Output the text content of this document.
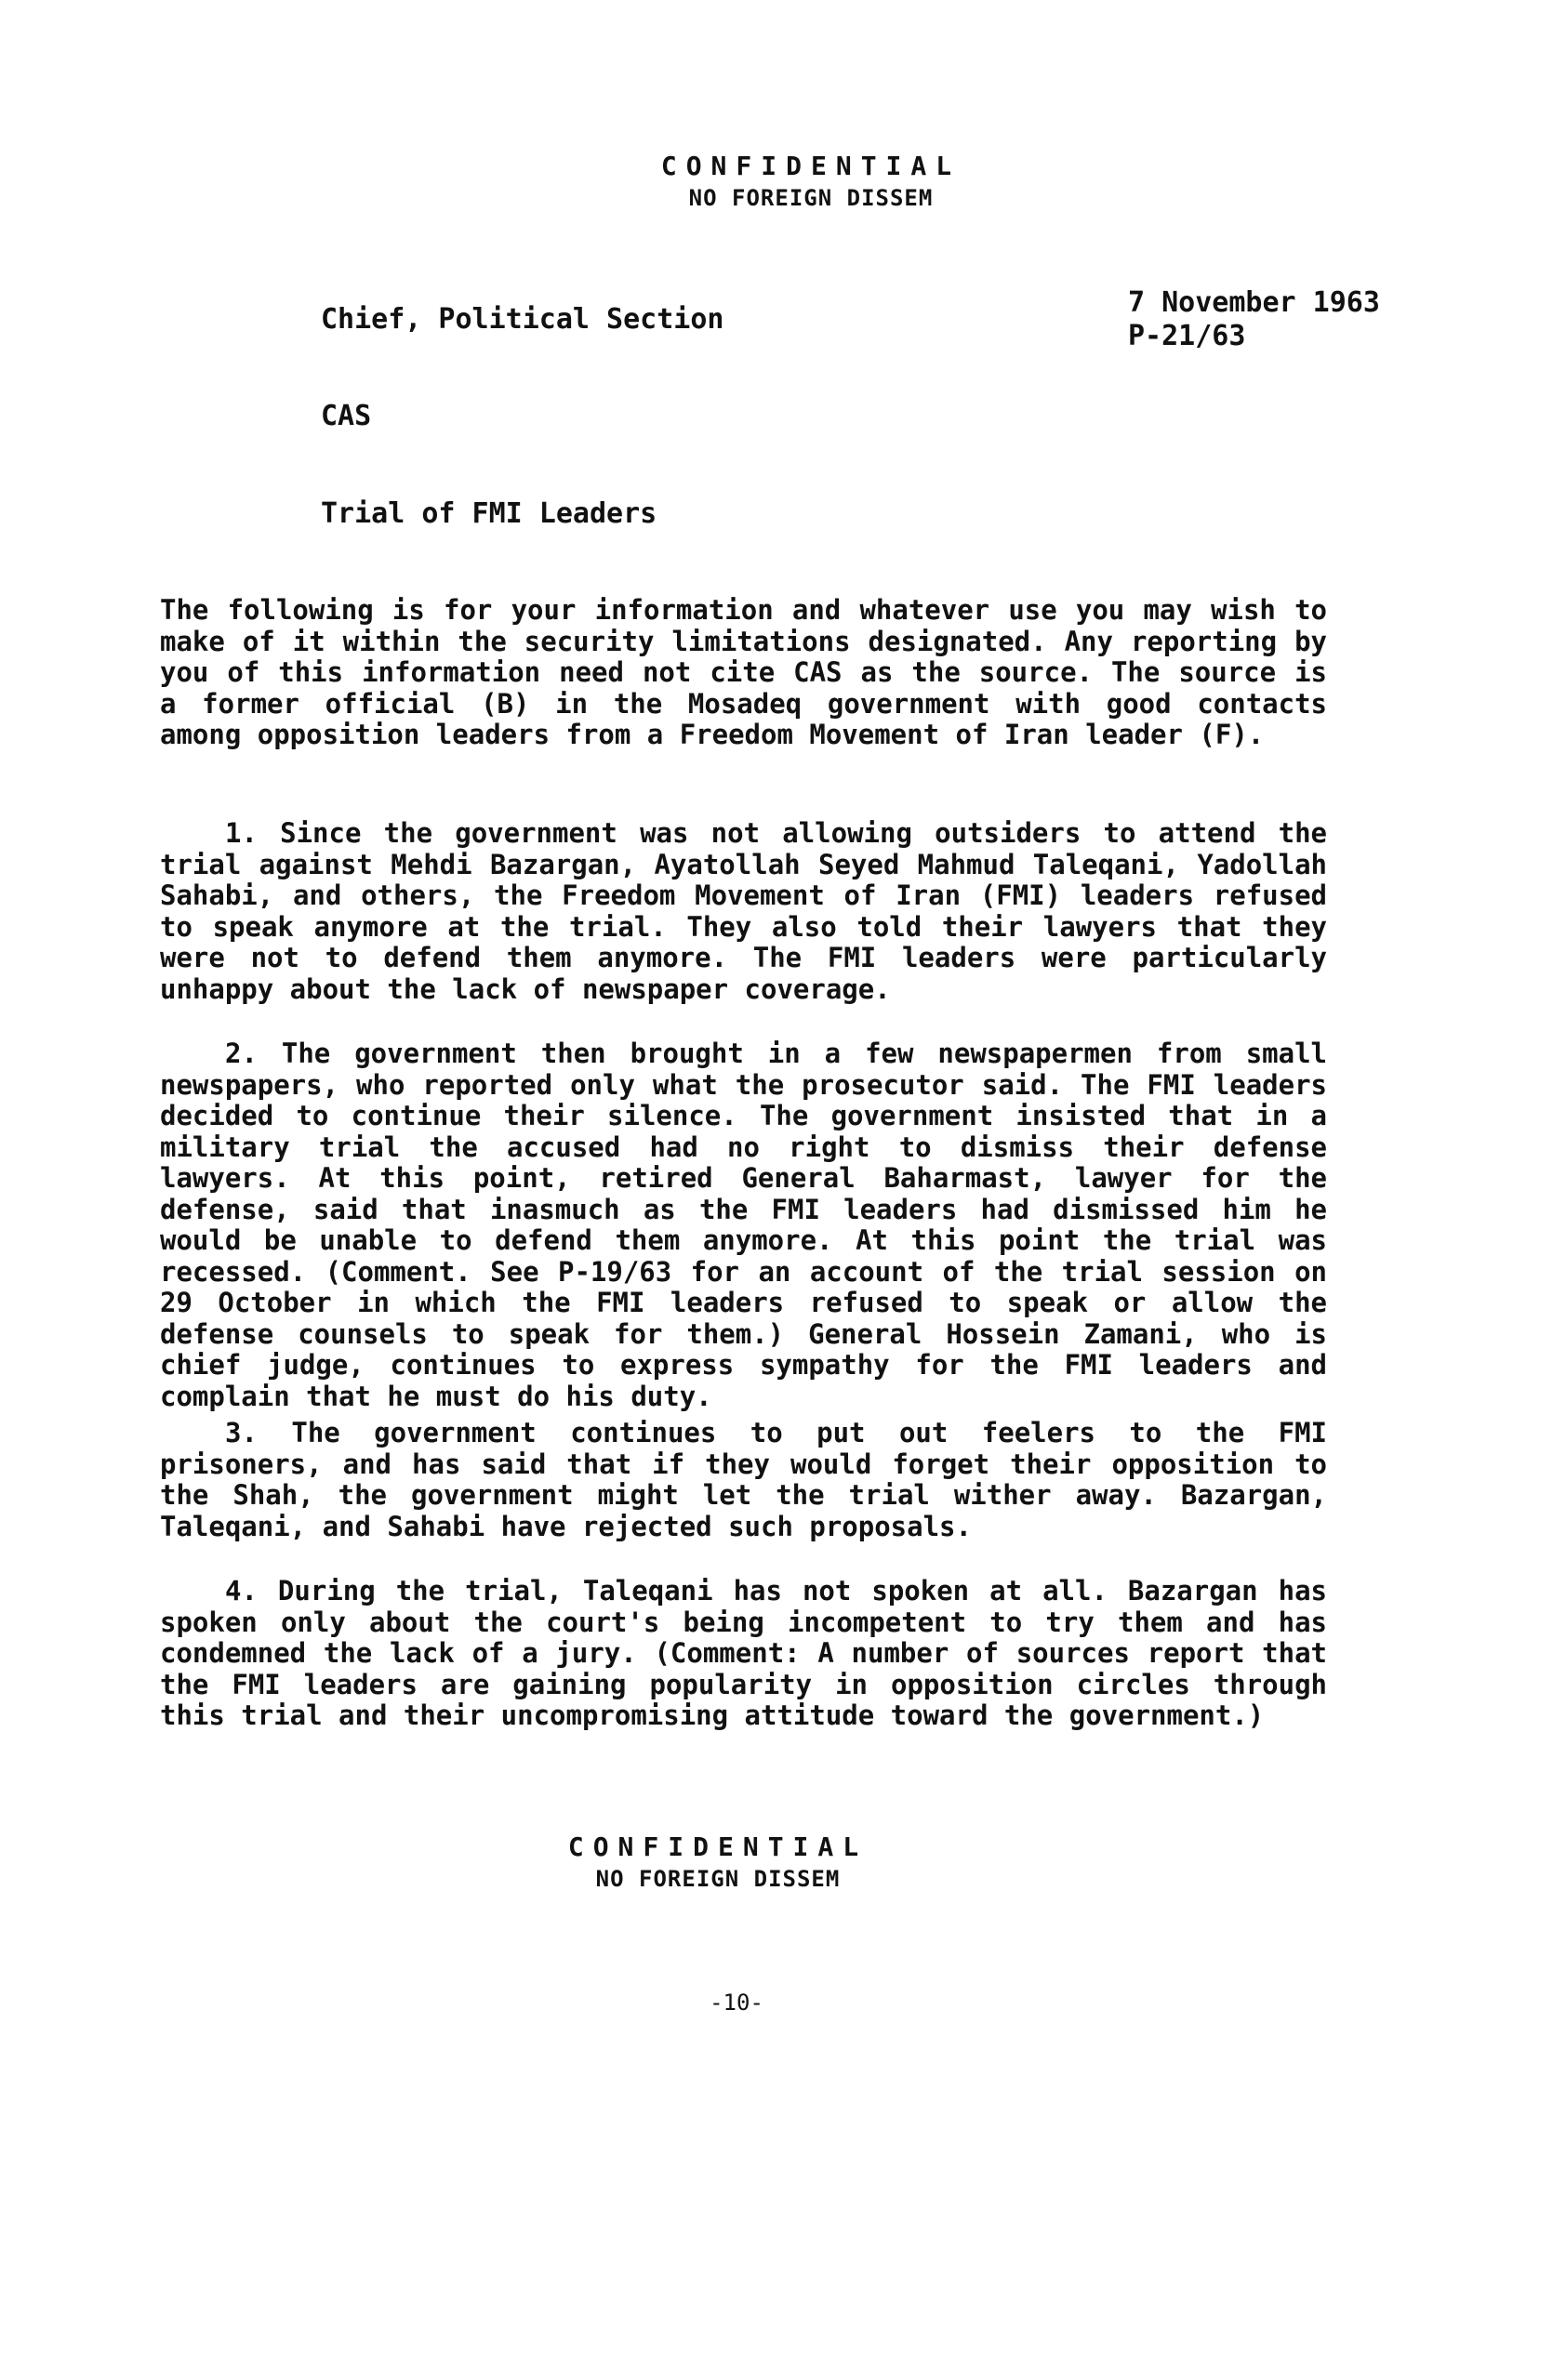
CONFIDENTIAL
NO FOREIGN DISSEM
Chief, Political Section
7 November 1963
P-21/63
CAS
Trial of FMI Leaders

The following is for your information and whatever use you may wish to make of it within the security limitations designated. Any reporting by you of this information need not cite CAS as the source. The source is a former official (B) in the Mosadeq government with good contacts among opposition leaders from a Freedom Movement of Iran leader (F).

1. Since the government was not allowing outsiders to attend the trial against Mehdi Bazargan, Ayatollah Seyed Mahmud Taleqani, Yadollah Sahabi, and others, the Freedom Movement of Iran (FMI) leaders refused to speak anymore at the trial. They also told their lawyers that they were not to defend them anymore. The FMI leaders were particularly unhappy about the lack of newspaper coverage.

2. The government then brought in a few newspapermen from small newspapers, who reported only what the prosecutor said. The FMI leaders decided to continue their silence. The government insisted that in a military trial the accused had no right to dismiss their defense lawyers. At this point, retired General Baharmast, lawyer for the defense, said that inasmuch as the FMI leaders had dismissed him he would be unable to defend them anymore. At this point the trial was recessed. (Comment. See P-19/63 for an account of the trial session on 29 October in which the FMI leaders refused to speak or allow the defense counsels to speak for them.) General Hossein Zamani, who is chief judge, continues to express sympathy for the FMI leaders and complain that he must do his duty.

3. The government continues to put out feelers to the FMI prisoners, and has said that if they would forget their opposition to the Shah, the government might let the trial wither away. Bazargan, Taleqani, and Sahabi have rejected such proposals.

4. During the trial, Taleqani has not spoken at all. Bazargan has spoken only about the court's being incompetent to try them and has condemned the lack of a jury. (Comment: A number of sources report that the FMI leaders are gaining popularity in opposition circles through this trial and their uncompromising attitude toward the government.)

CONFIDENTIAL
NO FOREIGN DISSEM
-10-
